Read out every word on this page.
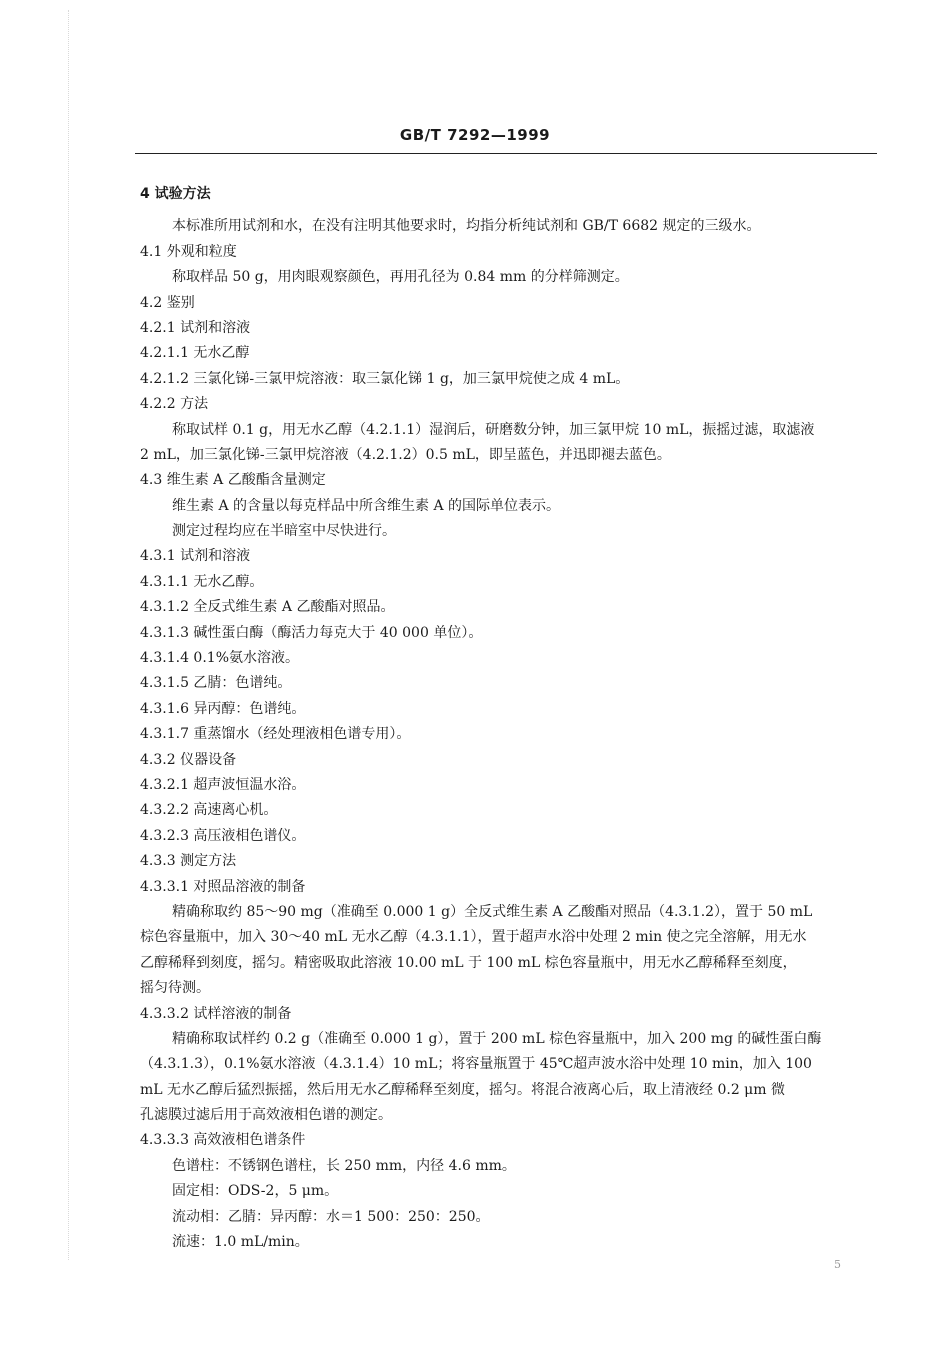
GB/T 7292—1999
4 试验方法
本标准所用试剂和水，在没有注明其他要求时，均指分析纯试剂和 GB/T 6682 规定的三级水。
4.1 外观和粒度
称取样品 50 g，用肉眼观察颜色，再用孔径为 0.84 mm 的分样筛测定。
4.2 鉴别
4.2.1 试剂和溶液
4.2.1.1 无水乙醇
4.2.1.2 三氯化锑-三氯甲烷溶液：取三氯化锑 1 g，加三氯甲烷使之成 4 mL。
4.2.2 方法
称取试样 0.1 g，用无水乙醇（4.2.1.1）湿润后，研磨数分钟，加三氯甲烷 10 mL，振摇过滤，取滤液
2 mL，加三氯化锑-三氯甲烷溶液（4.2.1.2）0.5 mL，即呈蓝色，并迅即褪去蓝色。
4.3 维生素 A 乙酸酯含量测定
维生素 A 的含量以每克样品中所含维生素 A 的国际单位表示。
测定过程均应在半暗室中尽快进行。
4.3.1 试剂和溶液
4.3.1.1 无水乙醇。
4.3.1.2 全反式维生素 A 乙酸酯对照品。
4.3.1.3 碱性蛋白酶（酶活力每克大于 40 000 单位）。
4.3.1.4 0.1%氨水溶液。
4.3.1.5 乙腈：色谱纯。
4.3.1.6 异丙醇：色谱纯。
4.3.1.7 重蒸馏水（经处理液相色谱专用）。
4.3.2 仪器设备
4.3.2.1 超声波恒温水浴。
4.3.2.2 高速离心机。
4.3.2.3 高压液相色谱仪。
4.3.3 测定方法
4.3.3.1 对照品溶液的制备
精确称取约 85～90 mg（准确至 0.000 1 g）全反式维生素 A 乙酸酯对照品（4.3.1.2），置于 50 mL
棕色容量瓶中，加入 30～40 mL 无水乙醇（4.3.1.1），置于超声水浴中处理 2 min 使之完全溶解，用无水
乙醇稀释到刻度，摇匀。精密吸取此溶液 10.00 mL 于 100 mL 棕色容量瓶中，用无水乙醇稀释至刻度，
摇匀待测。
4.3.3.2 试样溶液的制备
精确称取试样约 0.2 g（准确至 0.000 1 g），置于 200 mL 棕色容量瓶中，加入 200 mg 的碱性蛋白酶
（4.3.1.3），0.1%氨水溶液（4.3.1.4）10 mL；将容量瓶置于 45℃超声波水浴中处理 10 min，加入 100
mL 无水乙醇后猛烈振摇，然后用无水乙醇稀释至刻度，摇匀。将混合液离心后，取上清液经 0.2 μm 微
孔滤膜过滤后用于高效液相色谱的测定。
4.3.3.3 高效液相色谱条件
色谱柱：不锈钢色谱柱，长 250 mm，内径 4.6 mm。
固定相：ODS-2，5 μm。
流动相：乙腈：异丙醇：水＝1 500：250：250。
流速：1.0 mL/min。
5
